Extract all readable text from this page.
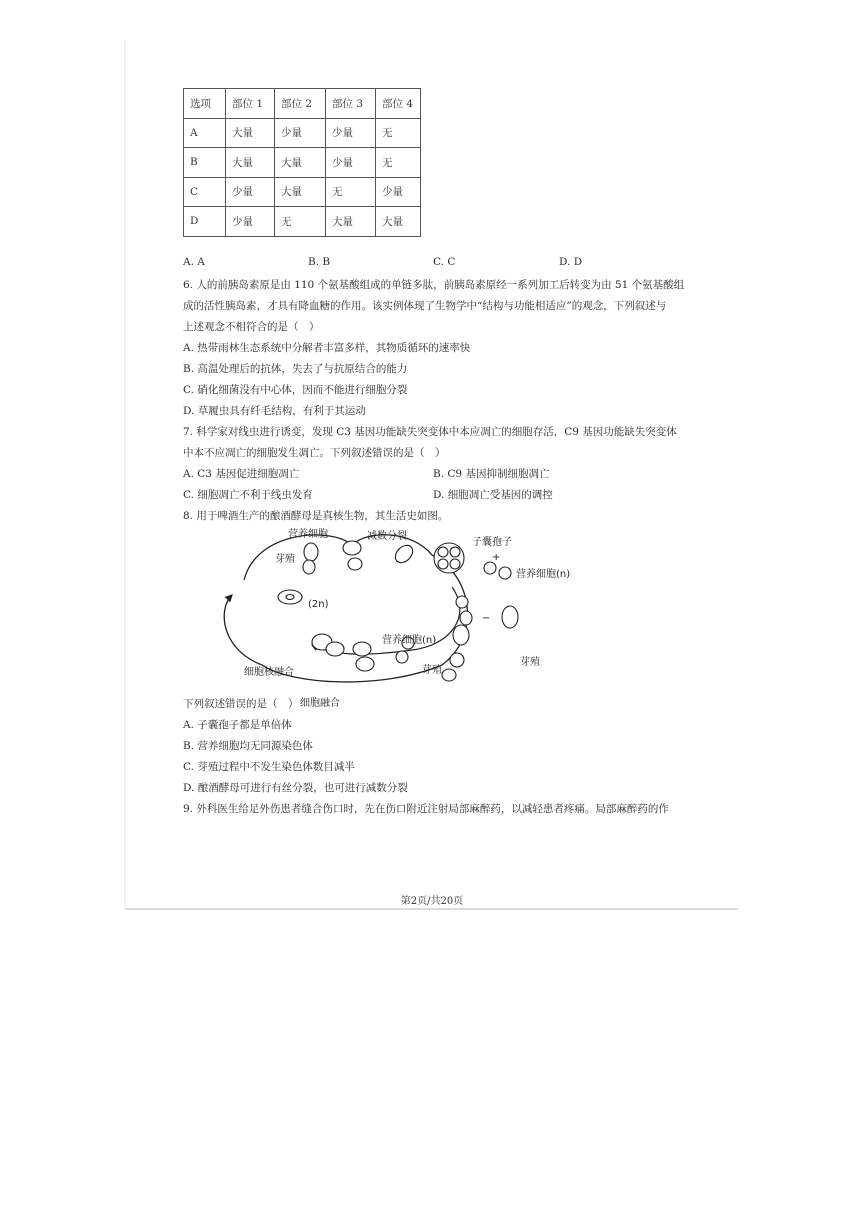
选项	部位 1	部位 2	部位 3	部位 4
A	大量	少量	少量	无
B	大量	大量	少量	无
C	少量	大量	无	少量
D	少量	无	大量	大量
A. A	B. B	C. C	D. D
6. 人的前胰岛素原是由 110 个氨基酸组成的单链多肽，前胰岛素原经一系列加工后转变为由 51 个氨基酸组
成的活性胰岛素，才具有降血糖的作用。该实例体现了生物学中“结构与功能相适应”的观念，下列叙述与
上述观念不相符合的是（　）
A. 热带雨林生态系统中分解者丰富多样，其物质循环的速率快
B. 高温处理后的抗体，失去了与抗原结合的能力
C. 硝化细菌没有中心体，因而不能进行细胞分裂
D. 草履虫具有纤毛结构，有利于其运动
7. 科学家对线虫进行诱变，发现 C3 基因功能缺失突变体中本应凋亡的细胞存活，C9 基因功能缺失突变体
中本不应凋亡的细胞发生凋亡。下列叙述错误的是（　）
A. C3 基因促进细胞凋亡	B. C9 基因抑制细胞凋亡
C. 细胞凋亡不利于线虫发育	D. 细胞凋亡受基因的调控
8. 用于啤酒生产的酿酒酵母是真核生物，其生活史如图。
营养细胞	减数分裂
子囊孢子
芽殖
营养细胞(n)
(2n)
营养细胞(n)
芽殖
芽殖
细胞核融合
细胞融合
−
+
下列叙述错误的是（　）
A. 子囊孢子都是单倍体
B. 营养细胞均无同源染色体
C. 芽殖过程中不发生染色体数目减半
D. 酿酒酵母可进行有丝分裂，也可进行减数分裂
9. 外科医生给足外伤患者缝合伤口时，先在伤口附近注射局部麻醉药，以减轻患者疼痛。局部麻醉药的作
第2页/共20页
